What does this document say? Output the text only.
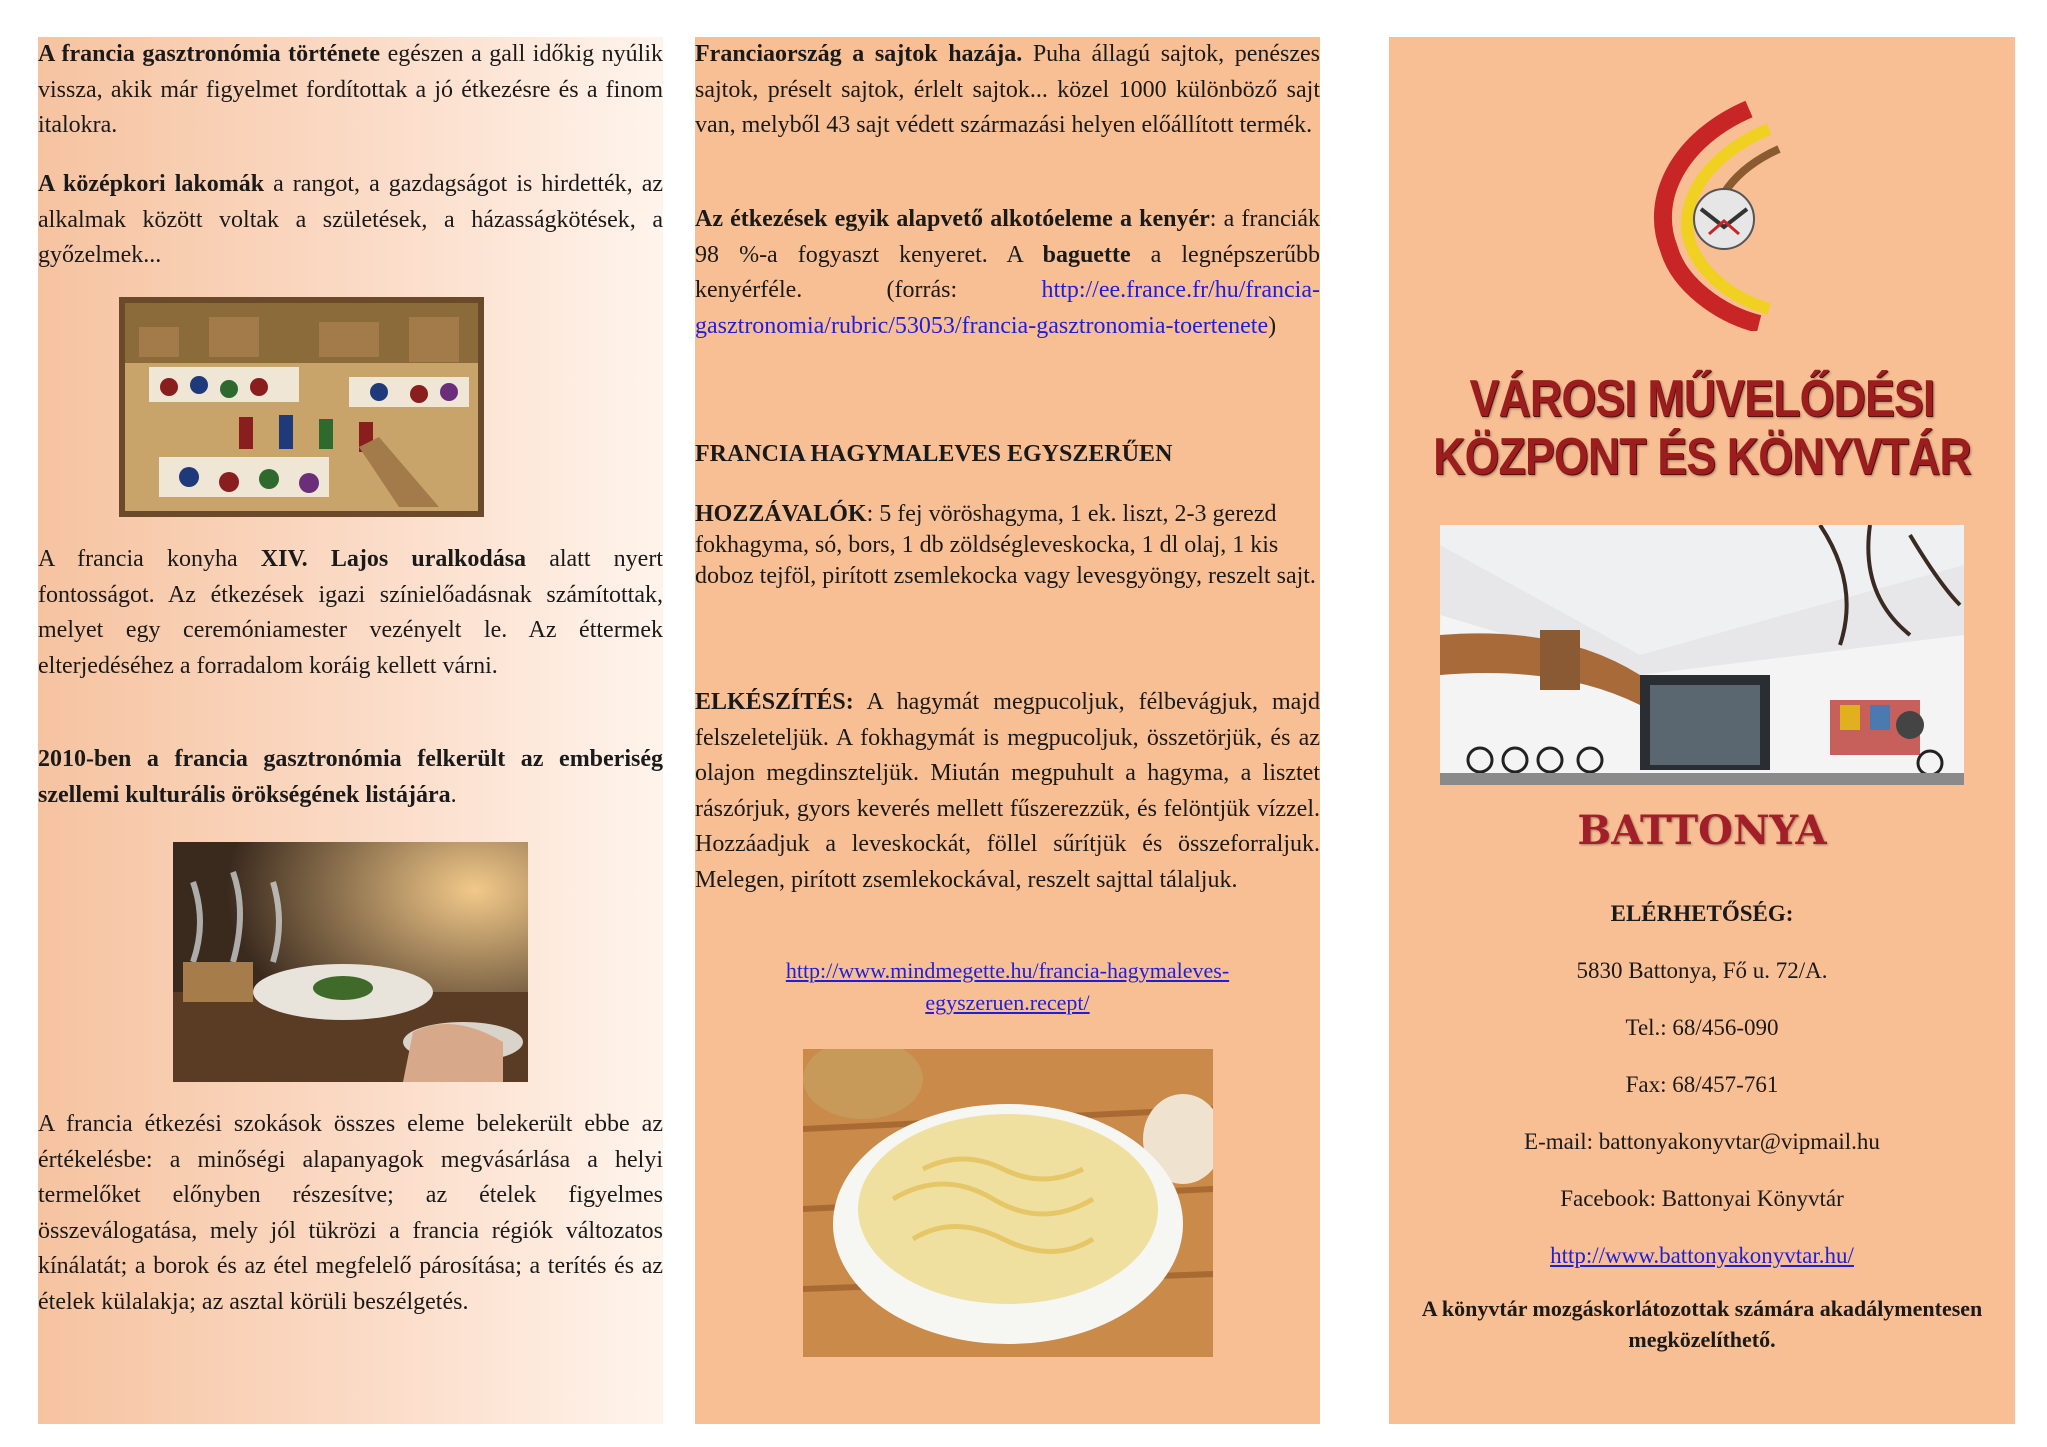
A francia gasztronómia története egészen a gall időkig nyúlik vissza, akik már figyelmet fordítottak a jó étkezésre és a finom italokra.

A középkori lakomák a rangot, a gazdagságot is hirdették, az alkalmak között voltak a születések, a házasságkötések, a győzelmek...

A francia konyha XIV. Lajos uralkodása alatt nyert fontosságot. Az étkezések igazi színielőadásnak számítottak, melyet egy ceremóniamester vezényelt le. Az éttermek elterjedéséhez a forradalom koráig kellett várni.

2010-ben a francia gasztronómia felkerült az emberiség szellemi kulturális örökségének listájára.

A francia étkezési szokások összes eleme belekerült ebbe az értékelésbe: a minőségi alapanyagok megvásárlása a helyi termelőket előnyben részesítve; az ételek figyelmes összeválogatása, mely jól tükrözi a francia régiók változatos kínálatát; a borok és az étel megfelelő párosítása; a terítés és az ételek külalakja; az asztal körüli beszélgetés.

Franciaország a sajtok hazája. Puha állagú sajtok, penészes sajtok, préselt sajtok, érlelt sajtok... közel 1000 különböző sajt van, melyből 43 sajt védett származási helyen előállított termék.

Az étkezések egyik alapvető alkotóeleme a kenyér: a franciák 98 %-a fogyaszt kenyeret. A baguette a legnépszerűbb kenyérféle. (forrás: http://ee.france.fr/hu/francia-gasztronomia/rubric/53053/francia-gasztronomia-toertenete)

FRANCIA HAGYMALEVES EGYSZERŰEN

HOZZÁVALÓK: 5 fej vöröshagyma, 1 ek. liszt, 2-3 gerezd fokhagyma, só, bors, 1 db zöldségleveskocka, 1 dl olaj, 1 kis doboz tejföl, pirított zsemlekocka vagy levesgyöngy, reszelt sajt.

ELKÉSZÍTÉS: A hagymát megpucoljuk, félbevágjuk, majd felszeleteljük. A fokhagymát is megpucoljuk, összetörjük, és az olajon megdinszteljük. Miután megpuhult a hagyma, a lisztet rászórjuk, gyors keverés mellett fűszerezzük, és felöntjük vízzel. Hozzáadjuk a leveskockát, föllel sűrítjük és összeforraljuk. Melegen, pirított zsemlekockával, reszelt sajttal tálaljuk.

http://www.mindmegette.hu/francia-hagymaleves-egyszeruen.recept/

VÁROSI MŰVELŐDÉSI
KÖZPONT ÉS KÖNYVTÁR
BATTONYA

ELÉRHETŐSÉG:

5830 Battonya, Fő u. 72/A.

Tel.: 68/456-090

Fax: 68/457-761

E-mail: battonyakonyvtar@vipmail.hu

Facebook: Battonyai Könyvtár

http://www.battonyakonyvtar.hu/

A könyvtár mozgáskorlátozottak számára akadálymentesen megközelíthető.
